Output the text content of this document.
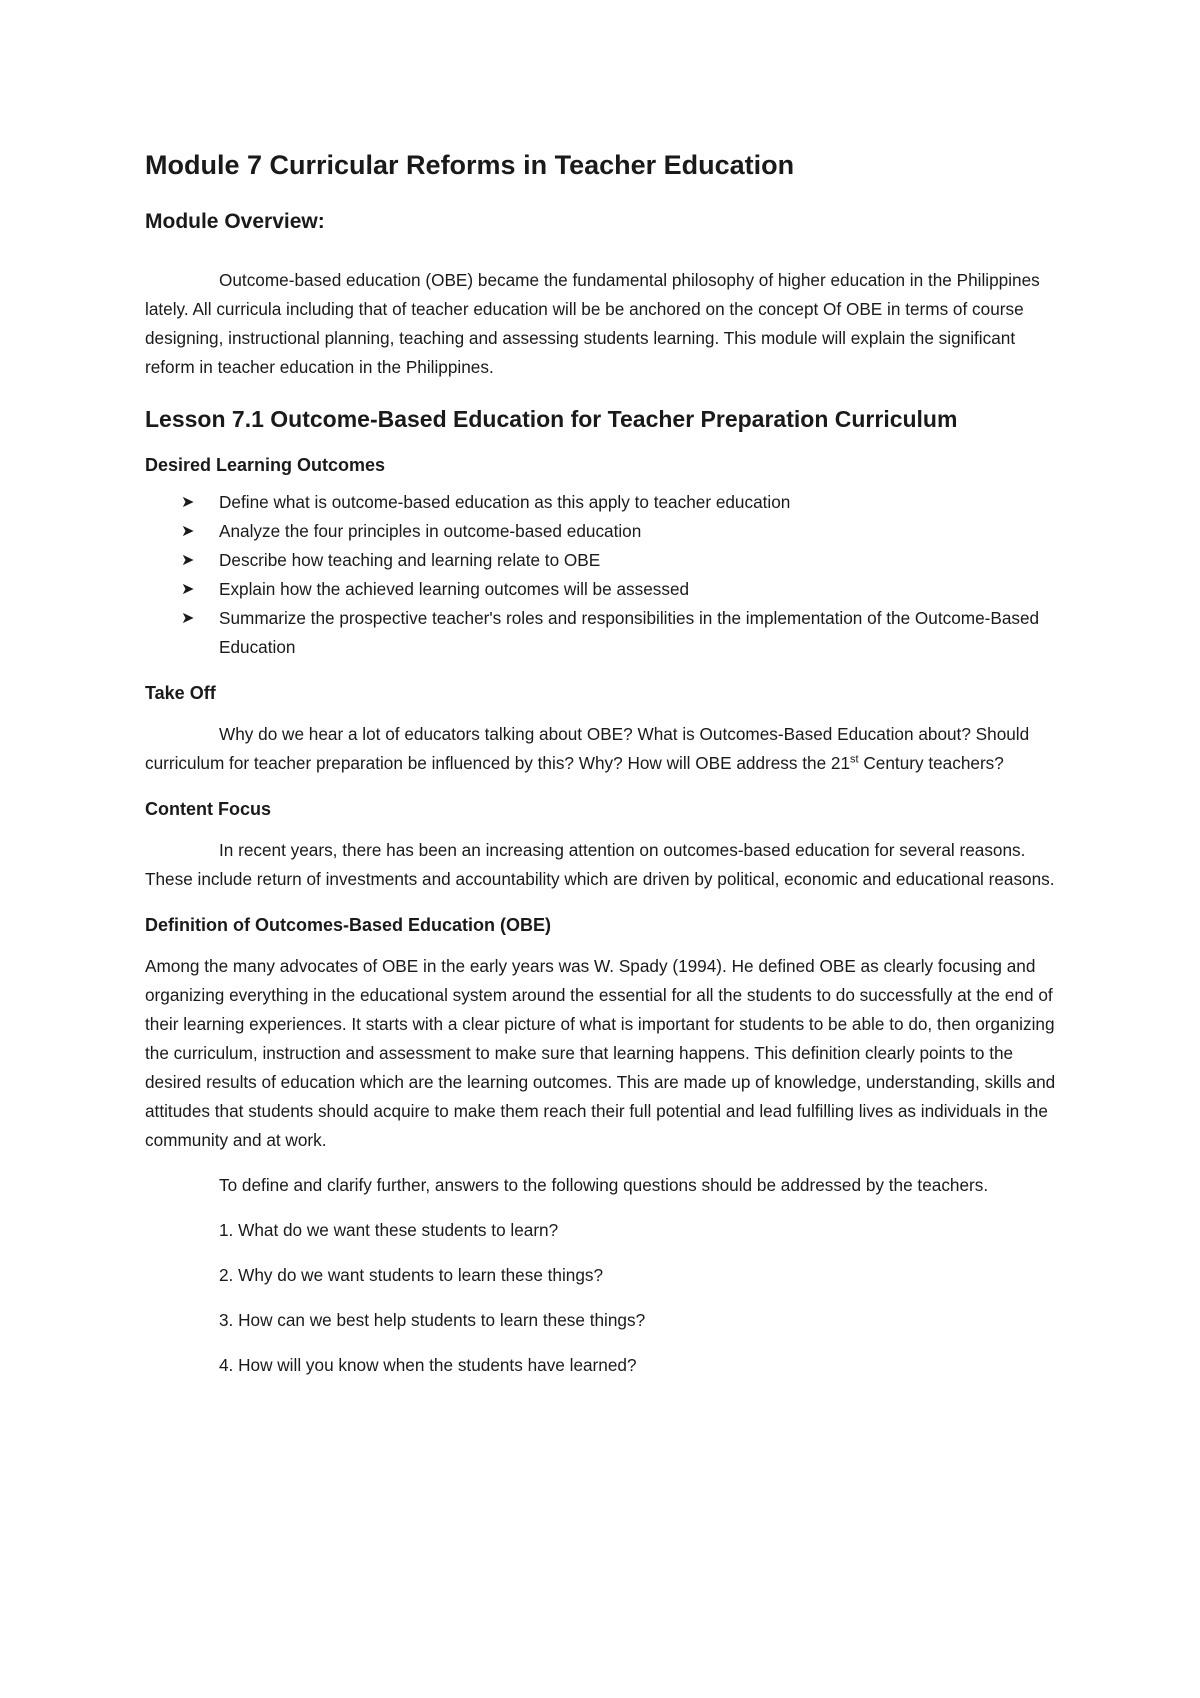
Module 7 Curricular Reforms in Teacher Education
Module Overview:

Outcome-based education (OBE) became the fundamental philosophy of higher education in the Philippines lately. All curricula including that of teacher education will be be anchored on the concept Of OBE in terms of course designing, instructional planning, teaching and assessing students learning. This module will explain the significant reform in teacher education in the Philippines.

Lesson 7.1 Outcome-Based Education for Teacher Preparation Curriculum
Desired Learning Outcomes
➤ Define what is outcome-based education as this apply to teacher education
➤ Analyze the four principles in outcome-based education
➤ Describe how teaching and learning relate to OBE
➤ Explain how the achieved learning outcomes will be assessed
➤ Summarize the prospective teacher's roles and responsibilities in the implementation of the Outcome-Based Education
Take Off

Why do we hear a lot of educators talking about OBE? What is Outcomes-Based Education about? Should curriculum for teacher preparation be influenced by this? Why? How will OBE address the 21st Century teachers?

Content Focus

In recent years, there has been an increasing attention on outcomes-based education for several reasons. These include return of investments and accountability which are driven by political, economic and educational reasons.

Definition of Outcomes-Based Education (OBE)

Among the many advocates of OBE in the early years was W. Spady (1994). He defined OBE as clearly focusing and organizing everything in the educational system around the essential for all the students to do successfully at the end of their learning experiences. It starts with a clear picture of what is important for students to be able to do, then organizing the curriculum, instruction and assessment to make sure that learning happens. This definition clearly points to the desired results of education which are the learning outcomes. This are made up of knowledge, understanding, skills and attitudes that students should acquire to make them reach their full potential and lead fulfilling lives as individuals in the community and at work.

To define and clarify further, answers to the following questions should be addressed by the teachers.

1. What do we want these students to learn?
2. Why do we want students to learn these things?
3. How can we best help students to learn these things?
4. How will you know when the students have learned?
